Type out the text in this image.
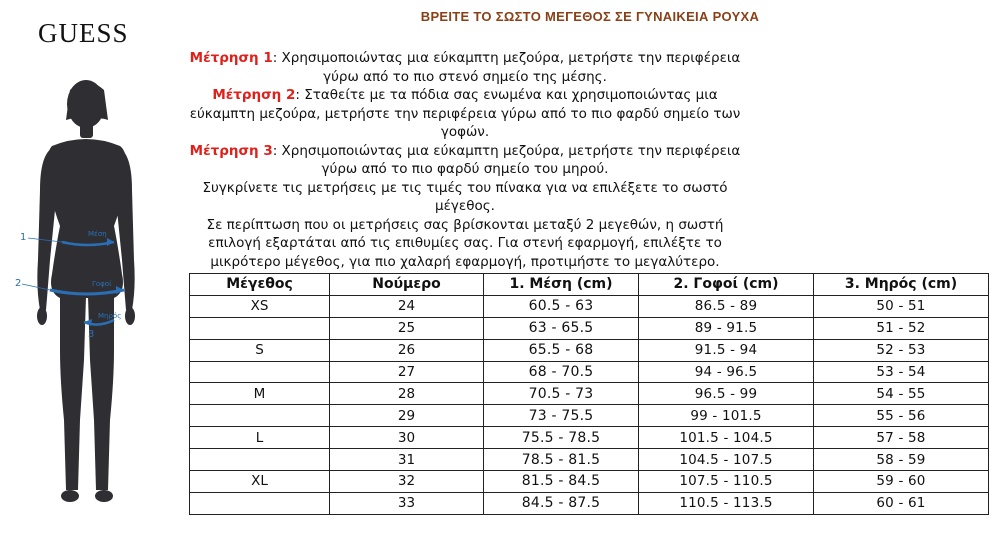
GUESS
1	Μέση
2	Γοφοί
3
Μηρός
ΒΡΕΙΤΕ ΤΟ ΣΩΣΤΟ ΜΕΓΕΘΟΣ ΣΕ ΓΥΝΑΙΚΕΙΑ ΡΟΥΧΑ
Μέτρηση 1: Χρησιμοποιώντας μια εύκαμπτη μεζούρα, μετρήστε την περιφέρεια γύρω από το πιο στενό σημείο της μέσης.
Μέτρηση 2: Σταθείτε με τα πόδια σας ενωμένα και χρησιμοποιώντας μια εύκαμπτη μεζούρα, μετρήστε την περιφέρεια γύρω από το πιο φαρδύ σημείο των γοφών.
Μέτρηση 3: Χρησιμοποιώντας μια εύκαμπτη μεζούρα, μετρήστε την περιφέρεια γύρω από το πιο φαρδύ σημείο του μηρού.
Συγκρίνετε τις μετρήσεις με τις τιμές του πίνακα για να επιλέξετε το σωστό μέγεθος.
Σε περίπτωση που οι μετρήσεις σας βρίσκονται μεταξύ 2 μεγεθών, η σωστή επιλογή εξαρτάται από τις επιθυμίες σας. Για στενή εφαρμογή, επιλέξτε το μικρότερο μέγεθος, για πιο χαλαρή εφαρμογή, προτιμήστε το μεγαλύτερο.
Μέγεθος	Νούμερο	1. Μέση (cm)	2. Γοφοί (cm)	3. Μηρός (cm)
XS	24	60.5 - 63	86.5 - 89	50 - 51
	25	63 - 65.5	89 - 91.5	51 - 52
S	26	65.5 - 68	91.5 - 94	52 - 53
	27	68 - 70.5	94 - 96.5	53 - 54
M	28	70.5 - 73	96.5 - 99	54 - 55
	29	73 - 75.5	99 - 101.5	55 - 56
L	30	75.5 - 78.5	101.5 - 104.5	57 - 58
	31	78.5 - 81.5	104.5 - 107.5	58 - 59
XL	32	81.5 - 84.5	107.5 - 110.5	59 - 60
	33	84.5 - 87.5	110.5 - 113.5	60 - 61
